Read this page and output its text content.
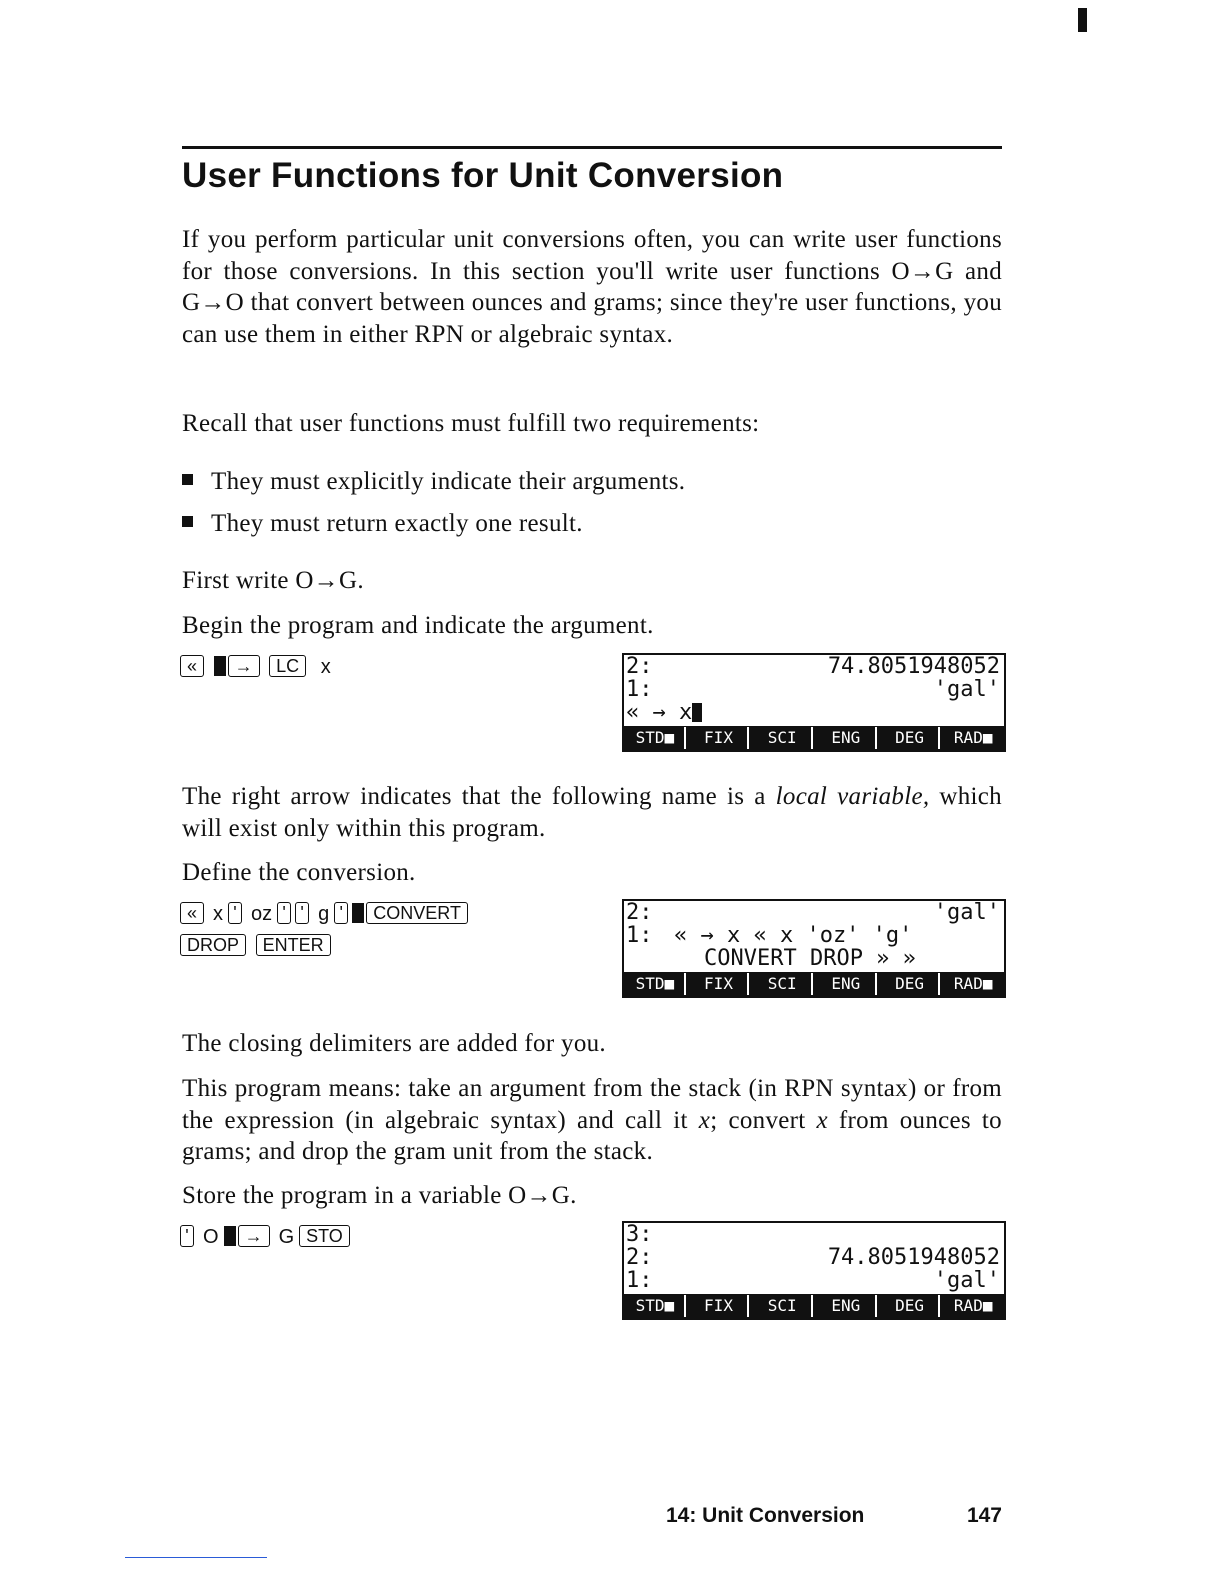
User Functions for Unit Conversion

If you perform particular unit conversions often, you can write user functions for those conversions. In this section you'll write user functions O→G and G→O that convert between ounces and grams; since they're user functions, you can use them in either RPN or algebraic syntax.

Recall that user functions must fulfill two requirements:

They must explicitly indicate their arguments.
They must return exactly one result.

First write O→G.

Begin the program and indicate the argument.

« → LC x

	2:

	74.8051948052

1:

	'gal'

« → x

STD■	FIX	SCI	ENG	DEG	RAD■

The right arrow indicates that the following name is a local variable, which will exist only within this program.

Define the conversion.

« x ' oz ' ' g ' CONVERT
DROP ENTER

2:

	'gal'

1:

« → x « x 'oz' 'g'

CONVERT DROP » »

STD■	FIX	SCI	ENG	DEG	RAD■

The closing delimiters are added for you.

This program means: take an argument from the stack (in RPN syntax) or from the expression (in algebraic syntax) and call it x; convert x from ounces to grams; and drop the gram unit from the stack.

Store the program in a variable O→G.

' O → G STO

	3:

2:

	74.8051948052

1:

	'gal'

STD■	FIX	SCI	ENG	DEG	RAD■
14: Unit Conversion	147
